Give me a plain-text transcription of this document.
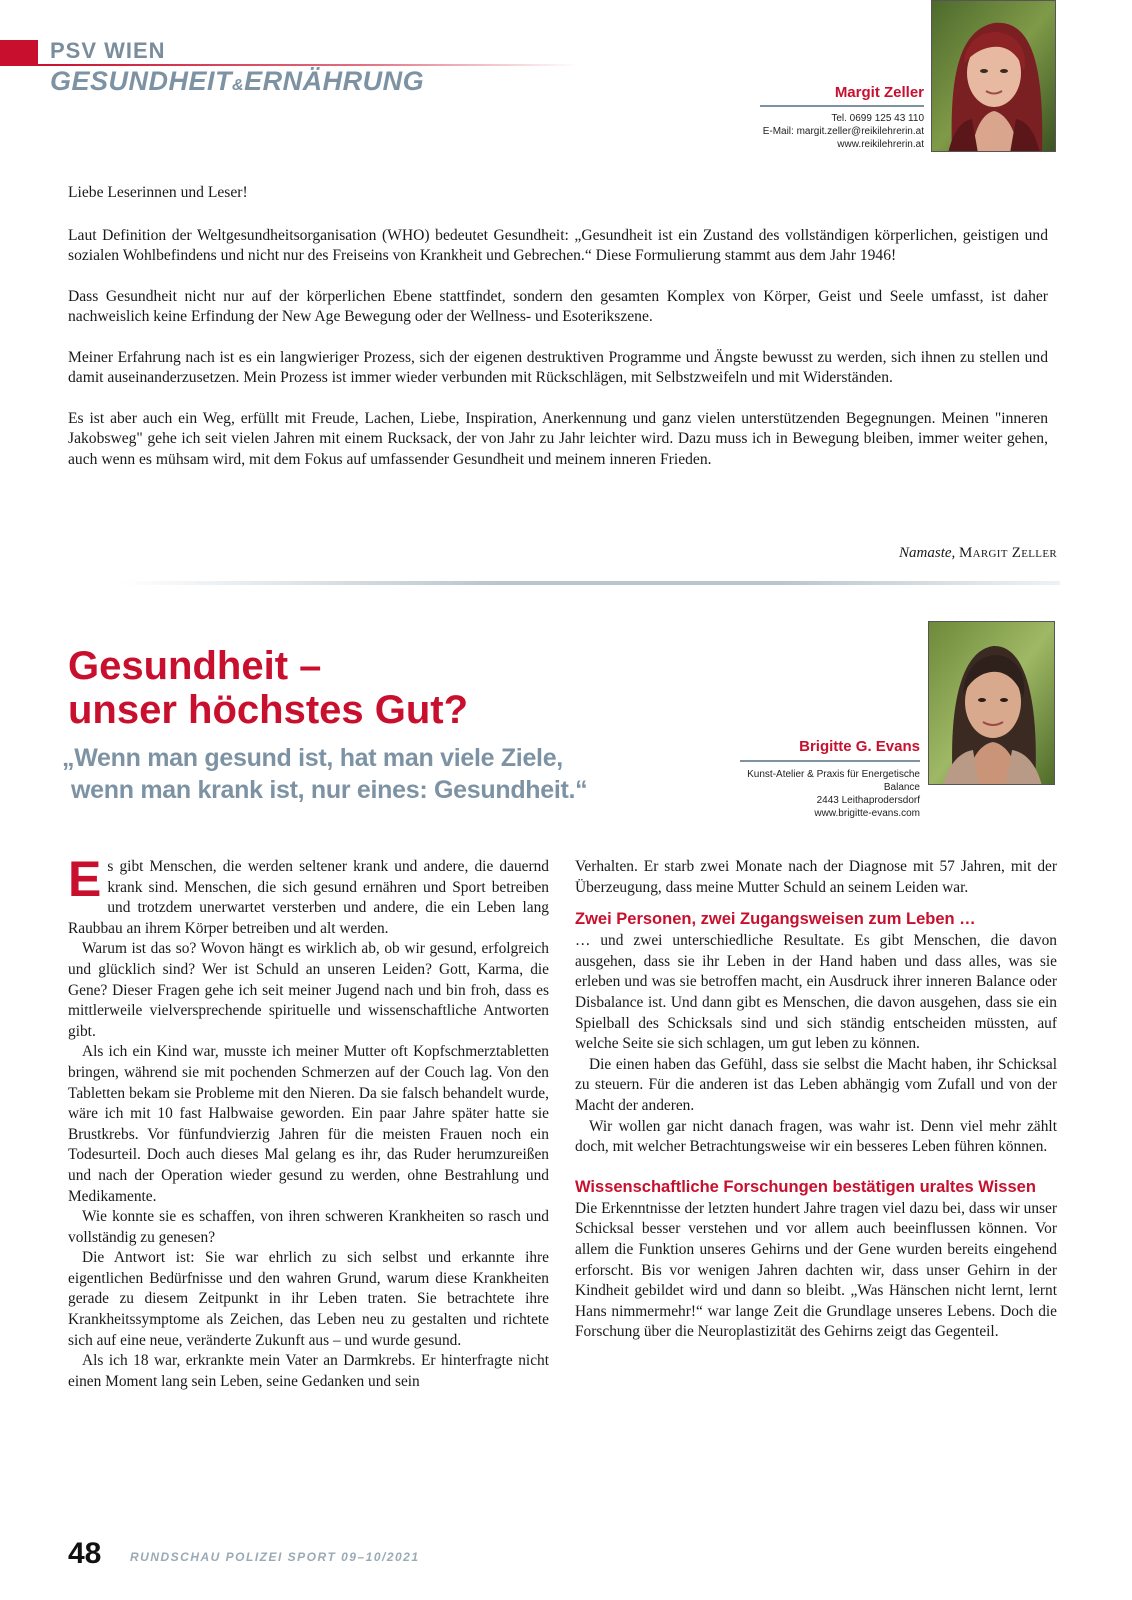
PSV WIEN
GESUNDHEIT&ERNÄHRUNG	Margit Zeller
Tel. 0699 125 43 110
E-Mail: margit.zeller@reikilehrerin.at
www.reikilehrerin.at

Liebe Leserinnen und Leser!

Laut Definition der Weltgesundheitsorganisation (WHO) bedeutet Gesundheit: „Gesundheit ist ein Zustand des vollständigen körperlichen, geistigen und sozialen Wohlbefindens und nicht nur des Freiseins von Krankheit und Gebrechen.“ Diese Formulierung stammt aus dem Jahr 1946!

Dass Gesundheit nicht nur auf der körperlichen Ebene stattfindet, sondern den gesamten Komplex von Körper, Geist und Seele umfasst, ist daher nachweislich keine Erfindung der New Age Bewegung oder der Wellness- und Esoterikszene.

Meiner Erfahrung nach ist es ein langwieriger Prozess, sich der eigenen destruktiven Programme und Ängste bewusst zu werden, sich ihnen zu stellen und damit auseinanderzusetzen. Mein Prozess ist immer wieder verbunden mit Rückschlägen, mit Selbstzweifeln und mit Widerständen.

Es ist aber auch ein Weg, erfüllt mit Freude, Lachen, Liebe, Inspiration, Anerkennung und ganz vielen unterstützenden Begegnungen. Meinen "inneren Jakobsweg" gehe ich seit vielen Jahren mit einem Rucksack, der von Jahr zu Jahr leichter wird. Dazu muss ich in Bewegung bleiben, immer weiter gehen, auch wenn es mühsam wird, mit dem Fokus auf umfassender Gesundheit und meinem inneren Frieden.

Namaste, Margit Zeller
Gesundheit –
unser höchstes Gut?
„Wenn man gesund ist, hat man viele Ziele,
wenn man krank ist, nur eines: Gesundheit.“
Brigitte G. Evans
Kunst-Atelier & Praxis für Energetische Balance
2443 Leithaprodersdorf
www.brigitte-evans.com

Es gibt Menschen, die werden seltener krank und andere, die dauernd krank sind. Menschen, die sich gesund ernähren und Sport betreiben und trotzdem unerwartet versterben und andere, die ein Leben lang Raubbau an ihrem Körper betreiben und alt werden.

Warum ist das so? Wovon hängt es wirklich ab, ob wir gesund, erfolgreich und glücklich sind? Wer ist Schuld an unseren Leiden? Gott, Karma, die Gene? Dieser Fragen gehe ich seit meiner Jugend nach und bin froh, dass es mittlerweile vielversprechende spirituelle und wissenschaftliche Antworten gibt.

Als ich ein Kind war, musste ich meiner Mutter oft Kopfschmerztabletten bringen, während sie mit pochenden Schmerzen auf der Couch lag. Von den Tabletten bekam sie Probleme mit den Nieren. Da sie falsch behandelt wurde, wäre ich mit 10 fast Halbwaise geworden. Ein paar Jahre später hatte sie Brustkrebs. Vor fünfundvierzig Jahren für die meisten Frauen noch ein Todesurteil. Doch auch dieses Mal gelang es ihr, das Ruder herumzureißen und nach der Operation wieder gesund zu werden, ohne Bestrahlung und Medikamente.

Wie konnte sie es schaffen, von ihren schweren Krankheiten so rasch und vollständig zu genesen?

Die Antwort ist: Sie war ehrlich zu sich selbst und erkannte ihre eigentlichen Bedürfnisse und den wahren Grund, warum diese Krankheiten gerade zu diesem Zeitpunkt in ihr Leben traten. Sie betrachtete ihre Krankheitssymptome als Zeichen, das Leben neu zu gestalten und richtete sich auf eine neue, veränderte Zukunft aus – und wurde gesund.

Als ich 18 war, erkrankte mein Vater an Darmkrebs. Er hinterfragte nicht einen Moment lang sein Leben, seine Gedanken und sein

Verhalten. Er starb zwei Monate nach der Diagnose mit 57 Jahren, mit der Überzeugung, dass meine Mutter Schuld an seinem Leiden war.

Zwei Personen, zwei Zugangsweisen zum Leben …

… und zwei unterschiedliche Resultate. Es gibt Menschen, die davon ausgehen, dass sie ihr Leben in der Hand haben und dass alles, was sie erleben und was sie betroffen macht, ein Ausdruck ihrer inneren Balance oder Disbalance ist. Und dann gibt es Menschen, die davon ausgehen, dass sie ein Spielball des Schicksals sind und sich ständig entscheiden müssten, auf welche Seite sie sich schlagen, um gut leben zu können.

Die einen haben das Gefühl, dass sie selbst die Macht haben, ihr Schicksal zu steuern. Für die anderen ist das Leben abhängig vom Zufall und von der Macht der anderen.

Wir wollen gar nicht danach fragen, was wahr ist. Denn viel mehr zählt doch, mit welcher Betrachtungsweise wir ein besseres Leben führen können.

Wissenschaftliche Forschungen bestätigen uraltes Wissen

Die Erkenntnisse der letzten hundert Jahre tragen viel dazu bei, dass wir unser Schicksal besser verstehen und vor allem auch beeinflussen können. Vor allem die Funktion unseres Gehirns und der Gene wurden bereits eingehend erforscht. Bis vor wenigen Jahren dachten wir, dass unser Gehirn in der Kindheit gebildet wird und dann so bleibt. „Was Hänschen nicht lernt, lernt Hans nimmermehr!“ war lange Zeit die Grundlage unseres Lebens. Doch die Forschung über die Neuroplastizität des Gehirns zeigt das Gegenteil.

48 RUNDSCHAU POLIZEI SPORT 09–10/2021
